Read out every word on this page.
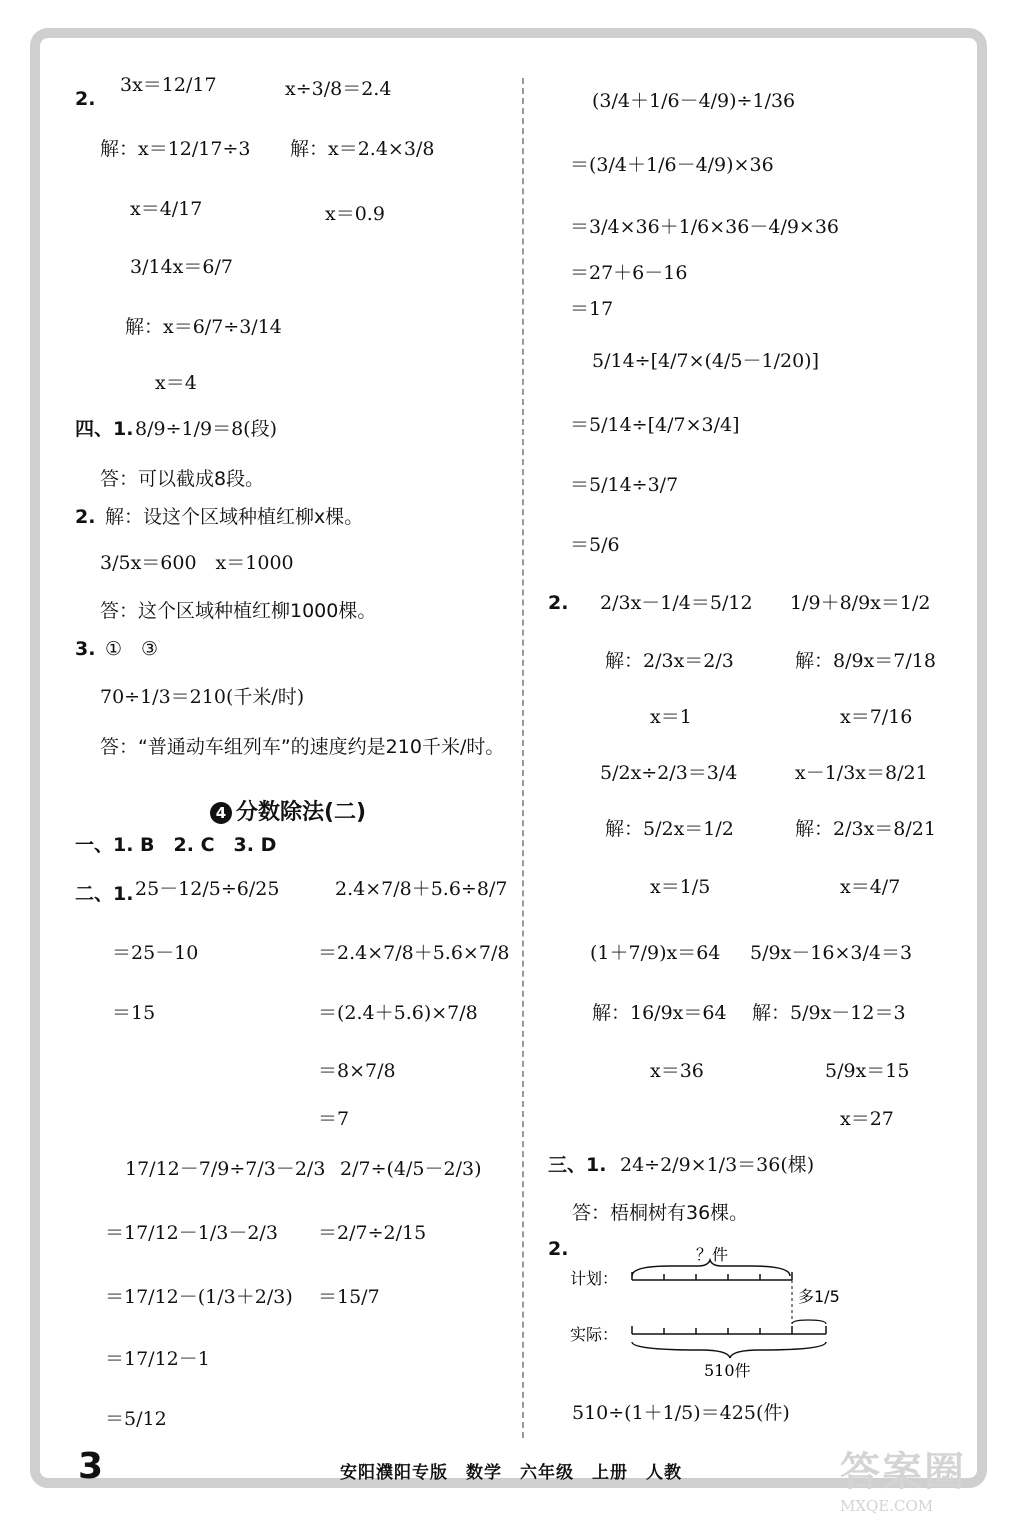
2.
3x＝12/17	x÷3/8＝2.4
解：x＝12/17÷3 解：x＝2.4×3/8
x＝4/17	x＝0.9
3/14x＝6/7
解：x＝6/7÷3/14
x＝4
四、1. 8/9÷1/9＝8(段)
答：可以截成8段。
2. 解：设这个区域种植红柳x棵。
3/5x＝600　x＝1000
答：这个区域种植红柳1000棵。
3. ①　③
70÷1/3＝210(千米/时)
答：“普通动车组列车”的速度约是210千米/时。
4 分数除法(二)
一、1. B　2. C　3. D
二、1. 25－12/5÷6/25
＝25－10
＝15
2.4×7/8＋5.6÷8/7
＝2.4×7/8＋5.6×7/8
＝(2.4＋5.6)×7/8
＝8×7/8
＝7
17/12－7/9÷7/3－2/3
＝17/12－1/3－2/3
＝17/12－(1/3＋2/3)
＝17/12－1
＝5/12
2/7÷(4/5－2/3)
＝2/7÷2/15
＝15/7
(3/4＋1/6－4/9)÷1/36
＝(3/4＋1/6－4/9)×36
＝3/4×36＋1/6×36－4/9×36
＝27＋6－16
＝17
5/14÷[4/7×(4/5－1/20)]
＝5/14÷[4/7×3/4]
＝5/14÷3/7
＝5/6
2. 2/3x－1/4＝5/12
解：2/3x＝2/3
x＝1
5/2x÷2/3＝3/4
解：5/2x＝1/2
x＝1/5
(1＋7/9)x＝64
解：16/9x＝64
x＝36
1/9＋8/9x＝1/2
解：8/9x＝7/18
x＝7/16
x－1/3x＝8/21
解：2/3x＝8/21
x＝4/7
5/9x－16×3/4＝3
解：5/9x－12＝3
5/9x＝15
x＝27
三、1. 24÷2/9×1/3＝36(棵)
答：梧桐树有36棵。
2.	？件
计划：
实际：
多1/5
510件
510÷(1＋1/5)＝425(件)
3	安阳濮阳专版　数学　六年级　上册　人教	答案圈
MXQE.COM
